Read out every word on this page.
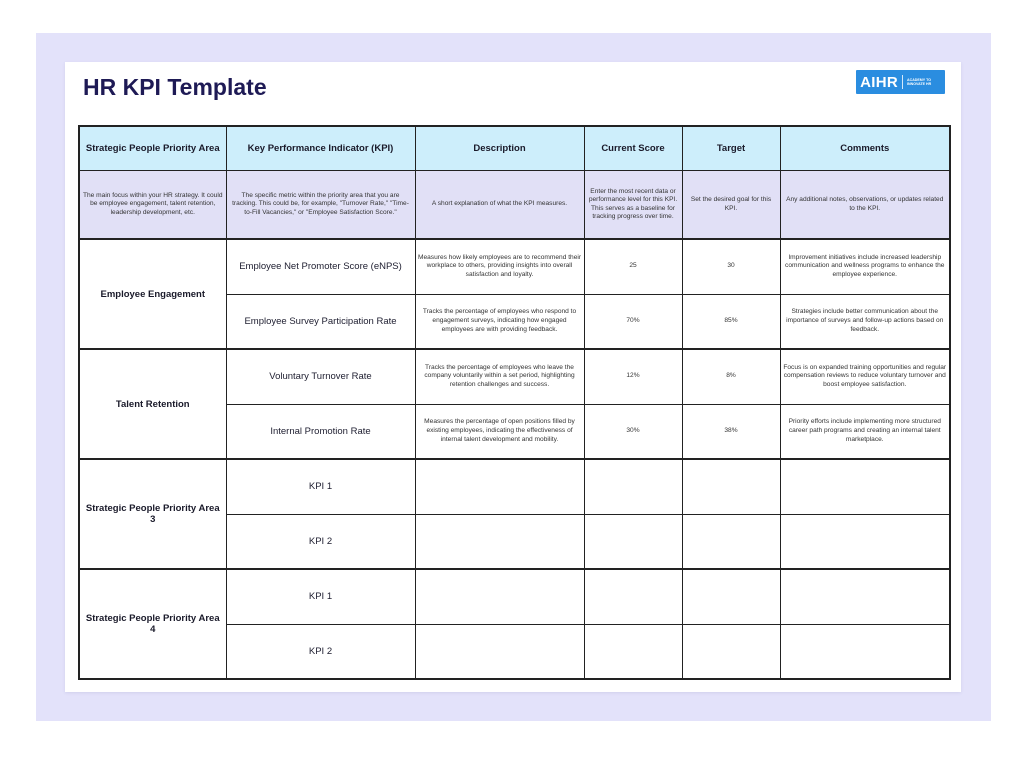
HR KPI Template	AIHR	ACADEMY TO INNOVATE HR
Strategic People Priority Area	Key Performance Indicator (KPI)	Description	Current Score	Target	Comments
The main focus within your HR strategy. It could be employee engagement, talent retention, leadership development, etc.	The specific metric within the priority area that you are tracking. This could be, for example, "Turnover Rate," "Time-to-Fill Vacancies," or "Employee Satisfaction Score."	A short explanation of what the KPI measures.	Enter the most recent data or performance level for this KPI. This serves as a baseline for tracking progress over time.	Set the desired goal for this KPI.	Any additional notes, observations, or updates related to the KPI.
Employee Engagement	Employee Net Promoter Score (eNPS)	Measures how likely employees are to recommend their workplace to others, providing insights into overall satisfaction and loyalty.	25	30	Improvement initiatives include increased leadership communication and wellness programs to enhance the employee experience.
	Employee Survey Participation Rate	Tracks the percentage of employees who respond to engagement surveys, indicating how engaged employees are with providing feedback.	70%	85%	Strategies include better communication about the importance of surveys and follow-up actions based on feedback.
Talent Retention	Voluntary Turnover Rate	Tracks the percentage of employees who leave the company voluntarily within a set period, highlighting retention challenges and success.	12%	8%	Focus is on expanded training opportunities and regular compensation reviews to reduce voluntary turnover and boost employee satisfaction.
	Internal Promotion Rate	Measures the percentage of open positions filled by existing employees, indicating the effectiveness of internal talent development and mobility.	30%	38%	Priority efforts include implementing more structured career path programs and creating an internal talent marketplace.
Strategic People Priority Area 3	KPI 1				
	KPI 2				
Strategic People Priority Area 4	KPI 1				
	KPI 2				
